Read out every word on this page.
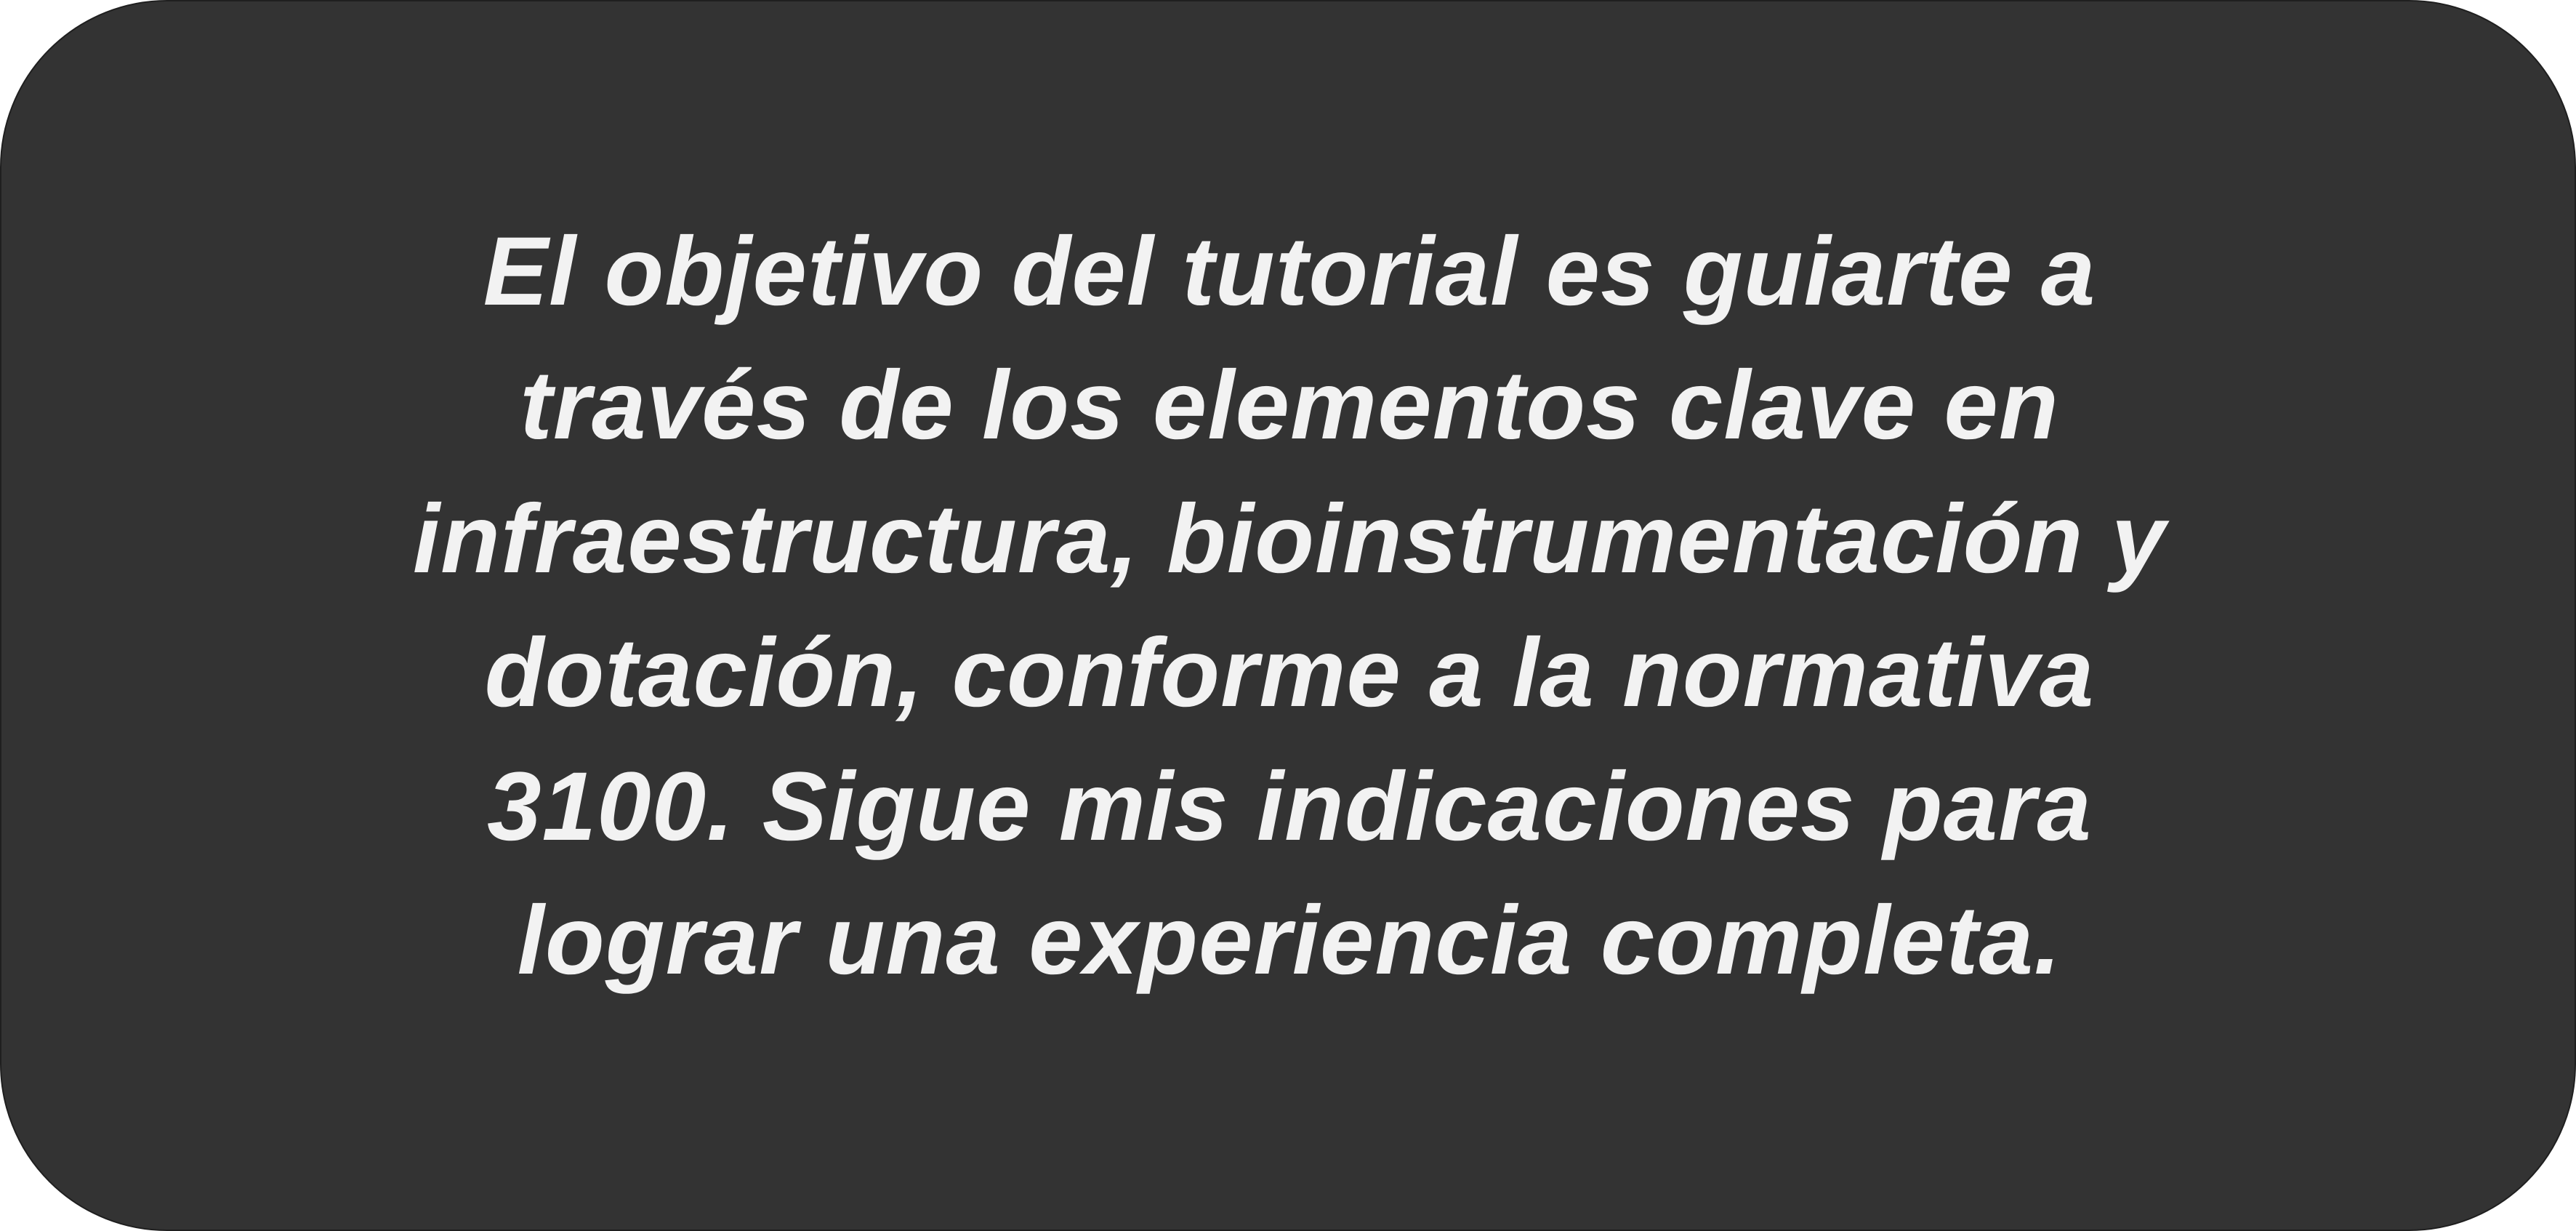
El objetivo del tutorial es guiarte a
través de los elementos clave en
infraestructura, bioinstrumentación y
dotación, conforme a la normativa
3100. Sigue mis indicaciones para
lograr una experiencia completa.
